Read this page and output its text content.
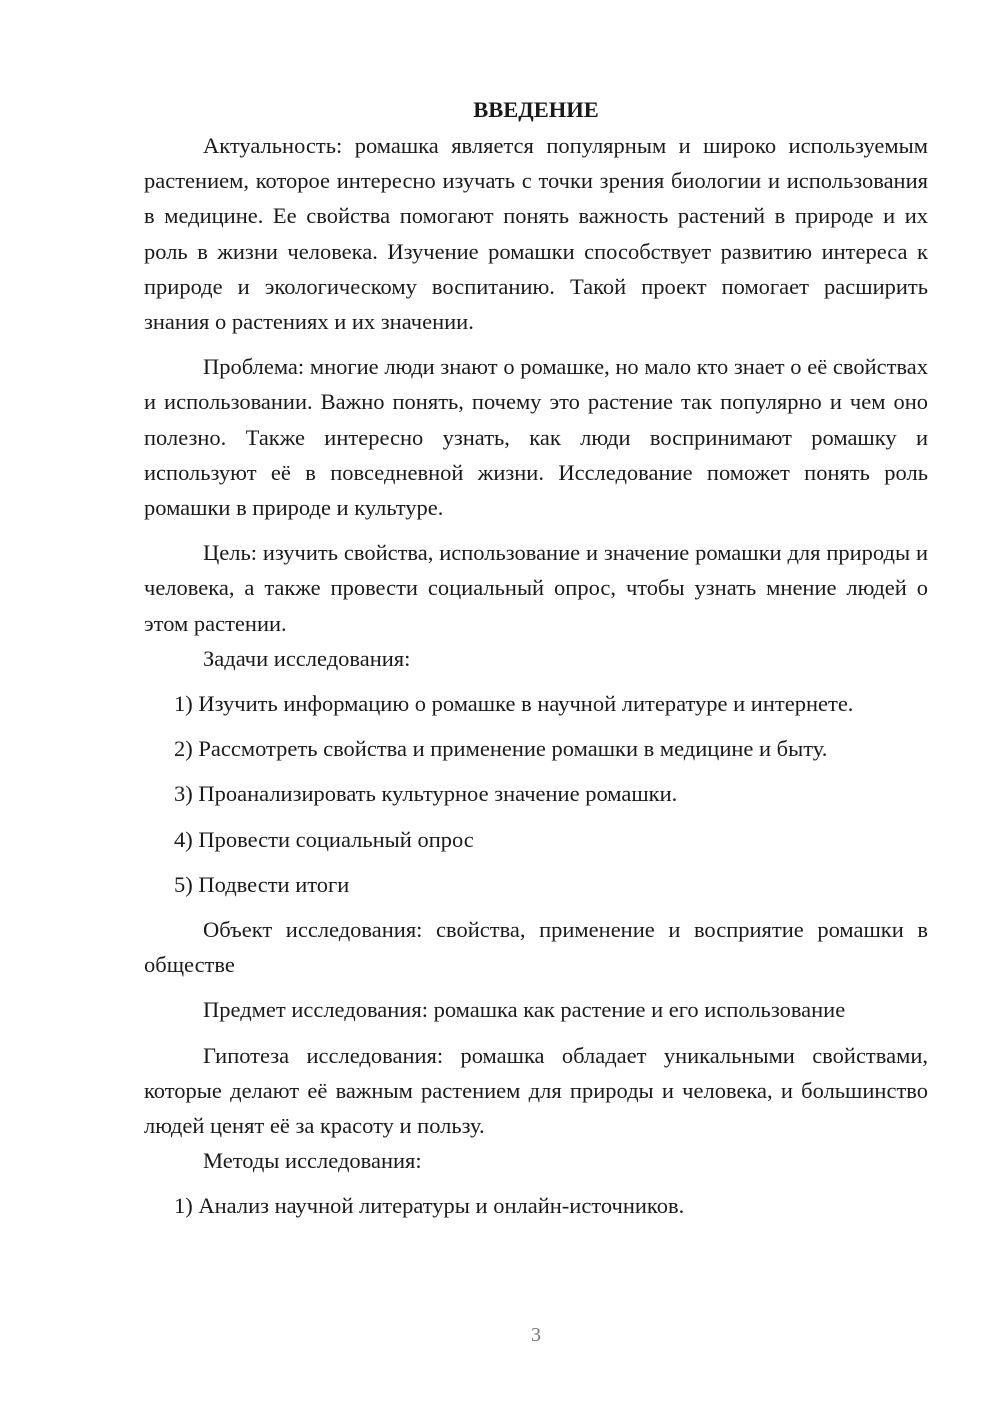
ВВЕДЕНИЕ

Актуальность: ромашка является популярным и широко используемым растением, которое интересно изучать с точки зрения биологии и использования в медицине. Ее свойства помогают понять важность растений в природе и их роль в жизни человека. Изучение ромашки способствует развитию интереса к природе и экологическому воспитанию. Такой проект помогает расширить знания о растениях и их значении.

Проблема: многие люди знают о ромашке, но мало кто знает о её свойствах и использовании. Важно понять, почему это растение так популярно и чем оно полезно. Также интересно узнать, как люди воспринимают ромашку и используют её в повседневной жизни. Исследование поможет понять роль ромашки в природе и культуре.

Цель: изучить свойства, использование и значение ромашки для природы и человека, а также провести социальный опрос, чтобы узнать мнение людей о этом растении.

Задачи исследования:

1) Изучить информацию о ромашке в научной литературе и интернете.

2) Рассмотреть свойства и применение ромашки в медицине и быту.

3) Проанализировать культурное значение ромашки.

4) Провести социальный опрос

5) Подвести итоги

Объект исследования: свойства, применение и восприятие ромашки в обществе

Предмет исследования: ромашка как растение и его использование

Гипотеза исследования: ромашка обладает уникальными свойствами, которые делают её важным растением для природы и человека, и большинство людей ценят её за красоту и пользу.

Методы исследования:

1) Анализ научной литературы и онлайн-источников.

3
